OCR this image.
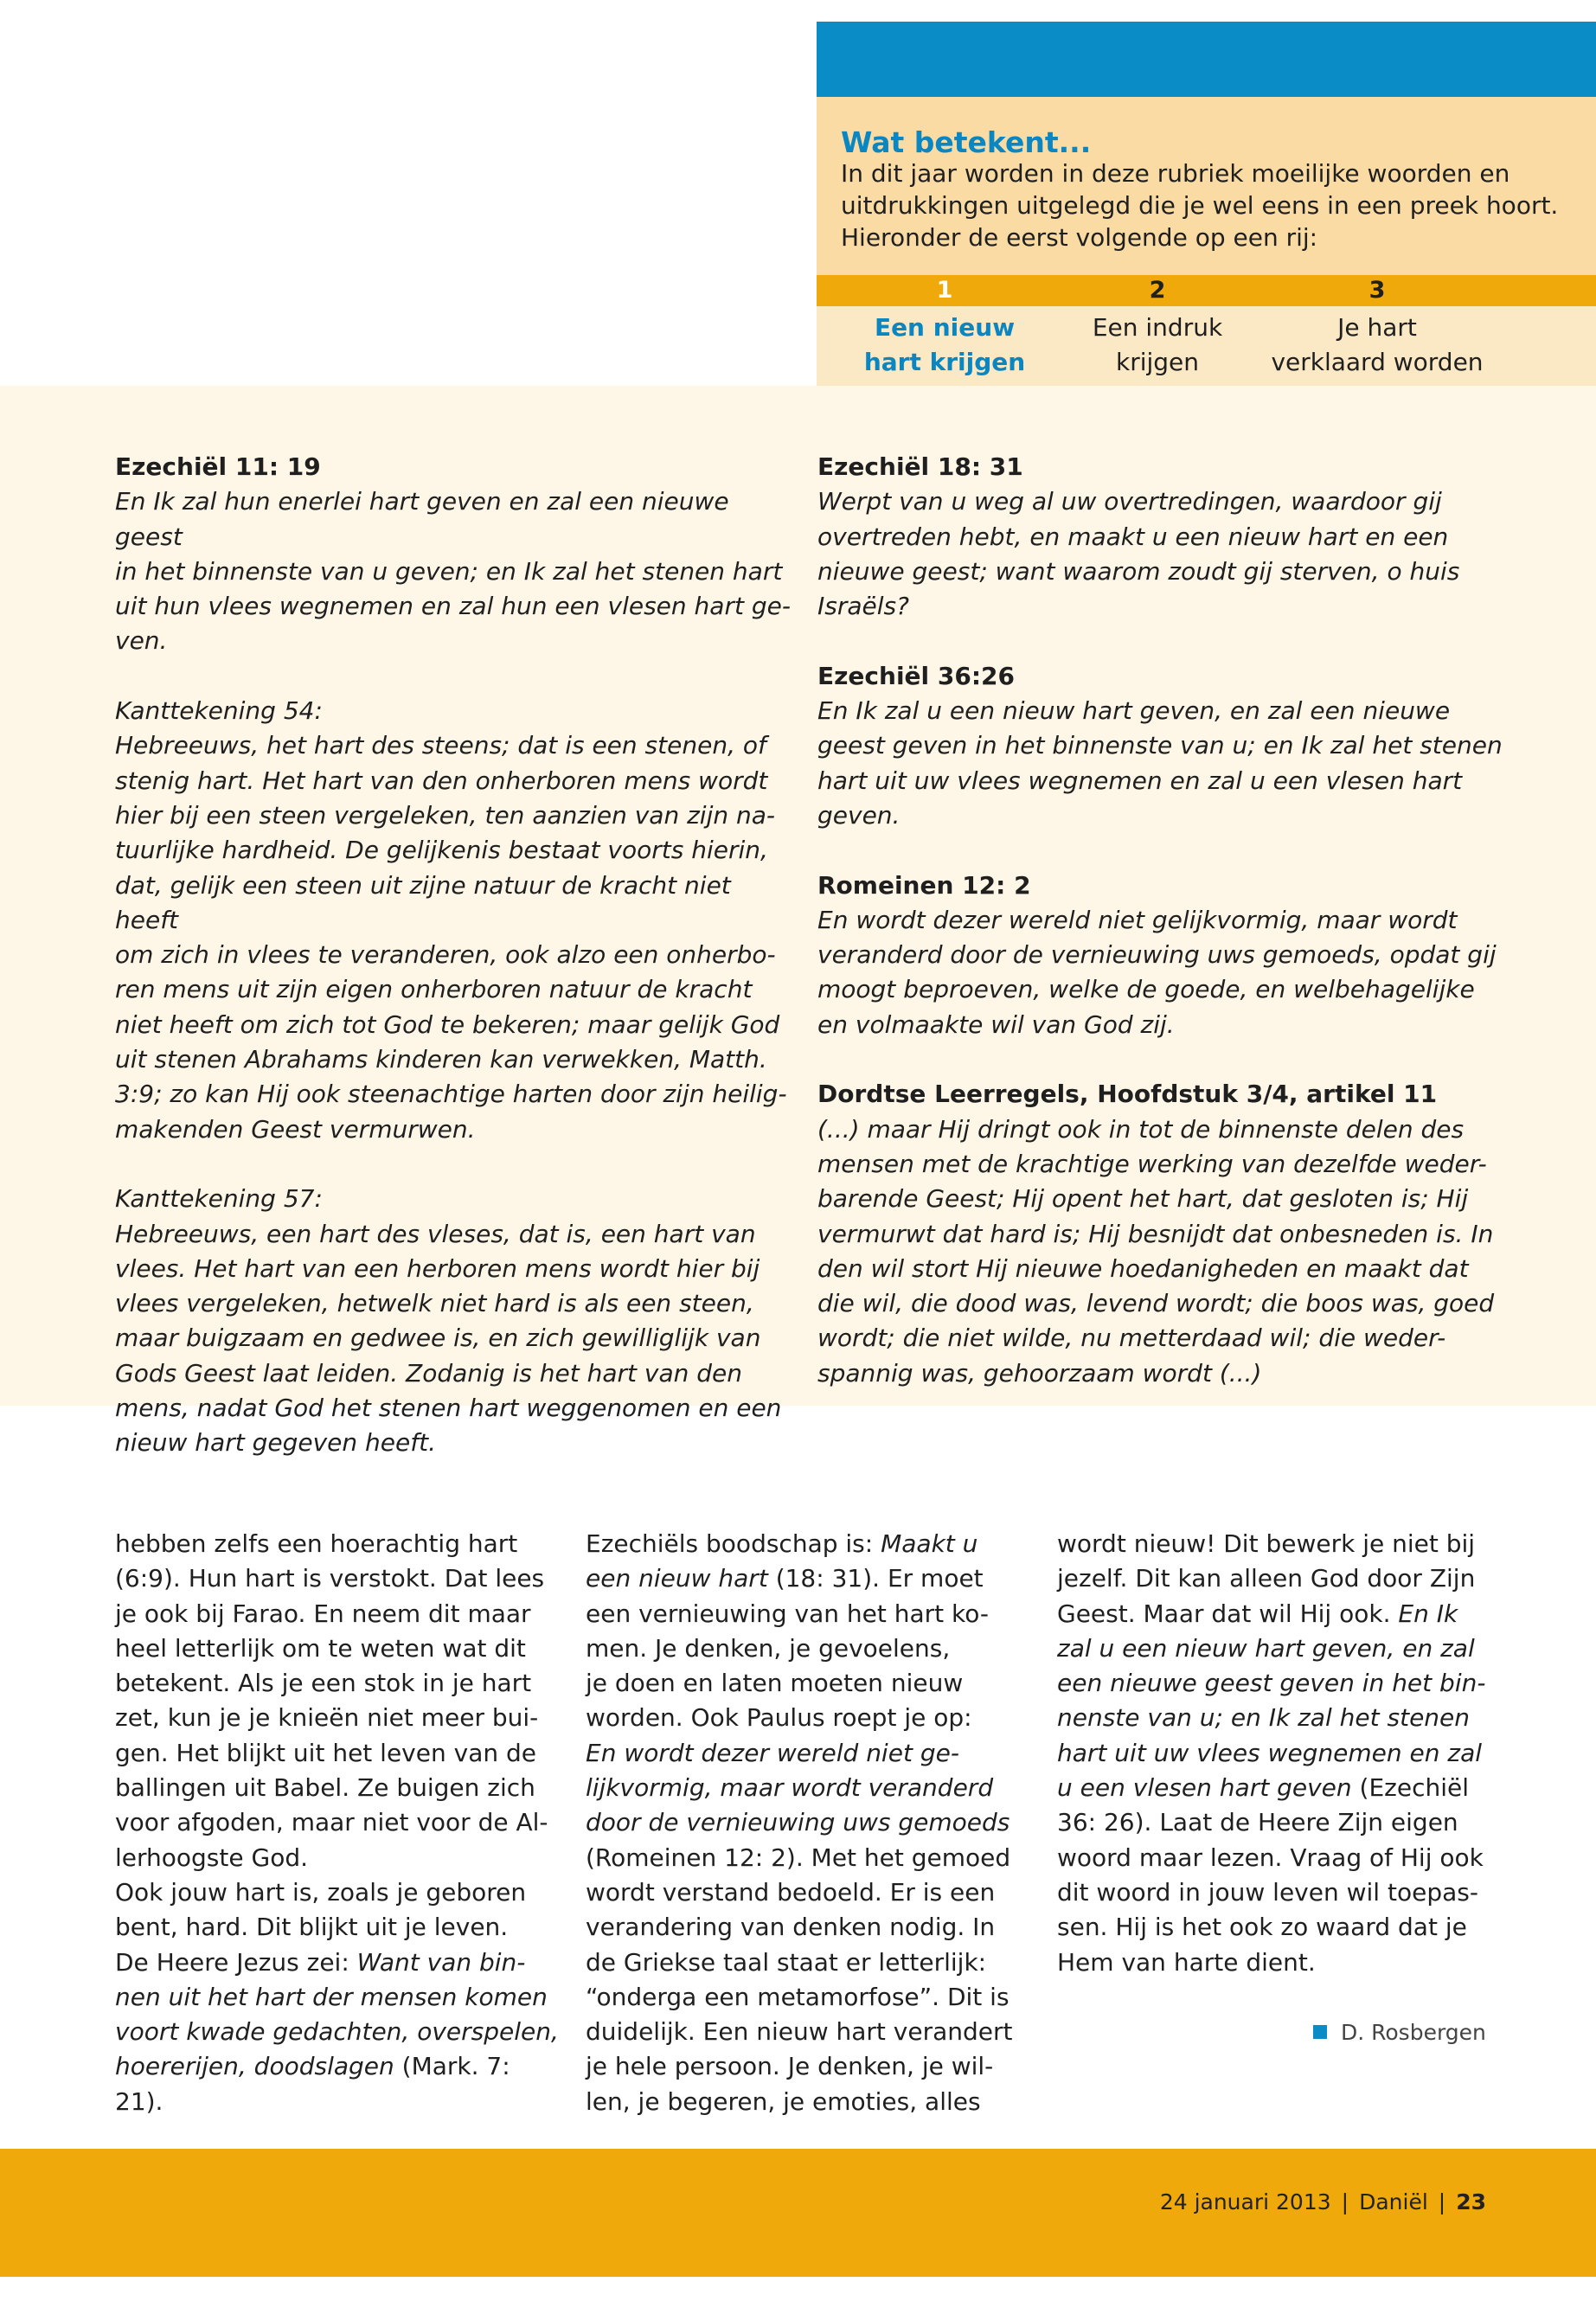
Wat betekent...
In dit jaar worden in deze rubriek moeilijke woorden en uitdrukkingen uitgelegd die je wel eens in een preek hoort. Hieronder de eerst volgende op een rij:
1	2	3
Een nieuw
hart krijgen
Een indruk
krijgen
Je hart
verklaard worden

Ezechiël 11: 19

En Ik zal hun enerlei hart geven en zal een nieuwe geest
in het binnenste van u geven; en Ik zal het stenen hart
uit hun vlees wegnemen en zal hun een vlesen hart ge-
ven.

Kanttekening 54:

Hebreeuws, het hart des steens; dat is een stenen, of
stenig hart. Het hart van den onherboren mens wordt
hier bij een steen vergeleken, ten aanzien van zijn na-
tuurlijke hardheid. De gelijkenis bestaat voorts hierin,
dat, gelijk een steen uit zijne natuur de kracht niet heeft
om zich in vlees te veranderen, ook alzo een onherbo-
ren mens uit zijn eigen onherboren natuur de kracht
niet heeft om zich tot God te bekeren; maar gelijk God
uit stenen Abrahams kinderen kan verwekken, Matth.
3:9; zo kan Hij ook steenachtige harten door zijn heilig-
makenden Geest vermurwen.

Kanttekening 57:

Hebreeuws, een hart des vleses, dat is, een hart van
vlees. Het hart van een herboren mens wordt hier bij
vlees vergeleken, hetwelk niet hard is als een steen,
maar buigzaam en gedwee is, en zich gewilliglijk van
Gods Geest laat leiden. Zodanig is het hart van den
mens, nadat God het stenen hart weggenomen en een
nieuw hart gegeven heeft.

Ezechiël 18: 31

Werpt van u weg al uw overtredingen, waardoor gij
overtreden hebt, en maakt u een nieuw hart en een
nieuwe geest; want waarom zoudt gij sterven, o huis
Israëls?

Ezechiël 36:26

En Ik zal u een nieuw hart geven, en zal een nieuwe
geest geven in het binnenste van u; en Ik zal het stenen
hart uit uw vlees wegnemen en zal u een vlesen hart
geven.

Romeinen 12: 2

En wordt dezer wereld niet gelijkvormig, maar wordt
veranderd door de vernieuwing uws gemoeds, opdat gij
moogt beproeven, welke de goede, en welbehagelijke
en volmaakte wil van God zij.

Dordtse Leerregels, Hoofdstuk 3/4, artikel 11

(...) maar Hij dringt ook in tot de binnenste delen des
mensen met de krachtige werking van dezelfde weder-
barende Geest; Hij opent het hart, dat gesloten is; Hij
vermurwt dat hard is; Hij besnijdt dat onbesneden is. In
den wil stort Hij nieuwe hoedanigheden en maakt dat
die wil, die dood was, levend wordt; die boos was, goed
wordt; die niet wilde, nu metterdaad wil; die weder-
spannig was, gehoorzaam wordt (...)

hebben zelfs een hoerachtig hart

(6:9). Hun hart is verstokt. Dat lees

je ook bij Farao. En neem dit maar

heel letterlijk om te weten wat dit

betekent. Als je een stok in je hart

zet, kun je je knieën niet meer bui-

gen. Het blijkt uit het leven van de

ballingen uit Babel. Ze buigen zich

voor afgoden, maar niet voor de Al-

lerhoogste God.

Ook jouw hart is, zoals je geboren

bent, hard. Dit blijkt uit je leven.

De Heere Jezus zei: Want van bin-

nen uit het hart der mensen komen

voort kwade gedachten, overspelen,

hoererijen, doodslagen (Mark. 7:

21).

Ezechiëls boodschap is: Maakt u

een nieuw hart (18: 31). Er moet

een vernieuwing van het hart ko-

men. Je denken, je gevoelens,

je doen en laten moeten nieuw

worden. Ook Paulus roept je op:

En wordt dezer wereld niet ge-

lijkvormig, maar wordt veranderd

door de vernieuwing uws gemoeds

(Romeinen 12: 2). Met het gemoed

wordt verstand bedoeld. Er is een

verandering van denken nodig. In

de Griekse taal staat er letterlijk:

“onderga een metamorfose”. Dit is

duidelijk. Een nieuw hart verandert

je hele persoon. Je denken, je wil-

len, je begeren, je emoties, alles

wordt nieuw! Dit bewerk je niet bij

jezelf. Dit kan alleen God door Zijn

Geest. Maar dat wil Hij ook. En Ik

zal u een nieuw hart geven, en zal

een nieuwe geest geven in het bin-

nenste van u; en Ik zal het stenen

hart uit uw vlees wegnemen en zal

u een vlesen hart geven (Ezechiël

36: 26). Laat de Heere Zijn eigen

woord maar lezen. Vraag of Hij ook

dit woord in jouw leven wil toepas-

sen. Hij is het ook zo waard dat je

Hem van harte dient.

D. Rosbergen
24 januari 2013 | Daniël | 23
